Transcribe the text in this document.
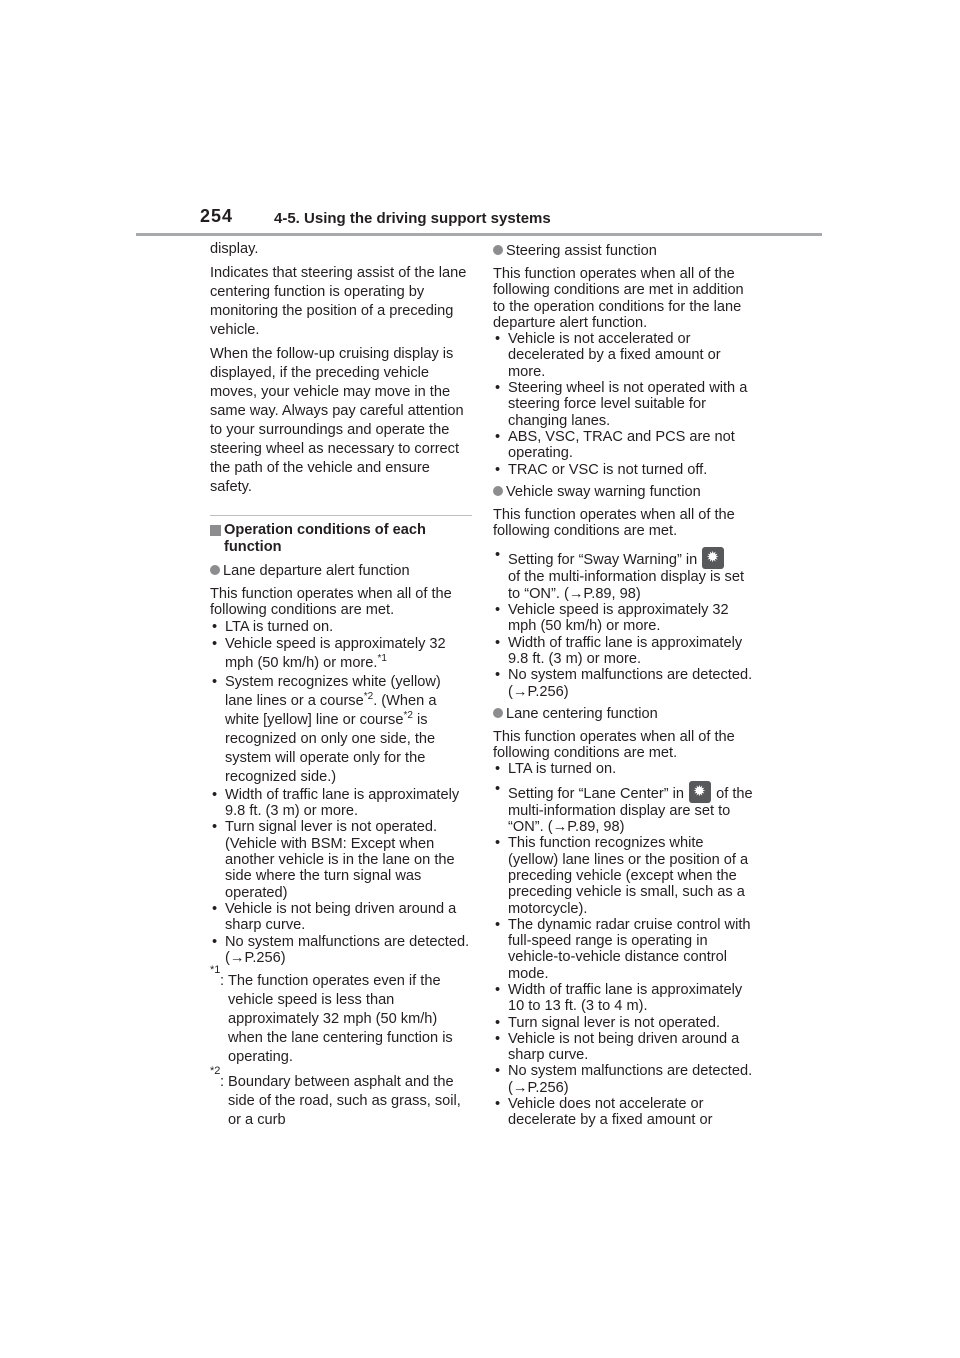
254	4-5. Using the driving support systems

display.

Indicates that steering assist of the lane centering function is operating by monitoring the position of a preceding vehicle.

When the follow-up cruising display is displayed, if the preceding vehicle moves, your vehicle may move in the same way. Always pay careful attention to your surroundings and operate the steering wheel as necessary to correct the path of the vehicle and ensure safety.

Operation conditions of each function
Lane departure alert function

This function operates when all of the following conditions are met.

• LTA is turned on.
• Vehicle speed is approximately 32 mph (50 km/h) or more.$^{*1}$
• System recognizes white (yellow) lane lines or a course$^{*2}$. (When a white [yellow] line or course$^{*2}$ is recognized on only one side, the system will operate only for the recognized side.)
• Width of traffic lane is approximately 9.8 ft. (3 m) or more.
• Turn signal lever is not operated. (Vehicle with BSM: Except when another vehicle is in the lane on the side where the turn signal was operated)
• Vehicle is not being driven around a sharp curve.
• No system malfunctions are detected. (→P.256)

*1
: The function operates even if the vehicle speed is less than approximately 32 mph (50 km/h) when the lane centering function is operating.

*2
: Boundary between asphalt and the side of the road, such as grass, soil, or a curb

Steering assist function

This function operates when all of the following conditions are met in addition to the operation conditions for the lane departure alert function.

• Vehicle is not accelerated or decelerated by a fixed amount or more.
• Steering wheel is not operated with a steering force level suitable for changing lanes.
• ABS, VSC, TRAC and PCS are not operating.
• TRAC or VSC is not turned off.
Vehicle sway warning function

This function operates when all of the following conditions are met.

• Setting for “Sway Warning” in ✹
of the multi-information display is set to “ON”. (→P.89, 98)
• Vehicle speed is approximately 32 mph (50 km/h) or more.
• Width of traffic lane is approximately 9.8 ft. (3 m) or more.
• No system malfunctions are detected. (→P.256)
Lane centering function

This function operates when all of the following conditions are met.

• LTA is turned on.
• Setting for “Lane Center” in ✹ of the multi-information display are set to “ON”. (→P.89, 98)
• This function recognizes white (yellow) lane lines or the position of a preceding vehicle (except when the preceding vehicle is small, such as a motorcycle).
• The dynamic radar cruise control with full-speed range is operating in vehicle-to-vehicle distance control mode.
• Width of traffic lane is approximately 10 to 13 ft. (3 to 4 m).
• Turn signal lever is not operated.
• Vehicle is not being driven around a sharp curve.
• No system malfunctions are detected. (→P.256)
• Vehicle does not accelerate or decelerate by a fixed amount or
